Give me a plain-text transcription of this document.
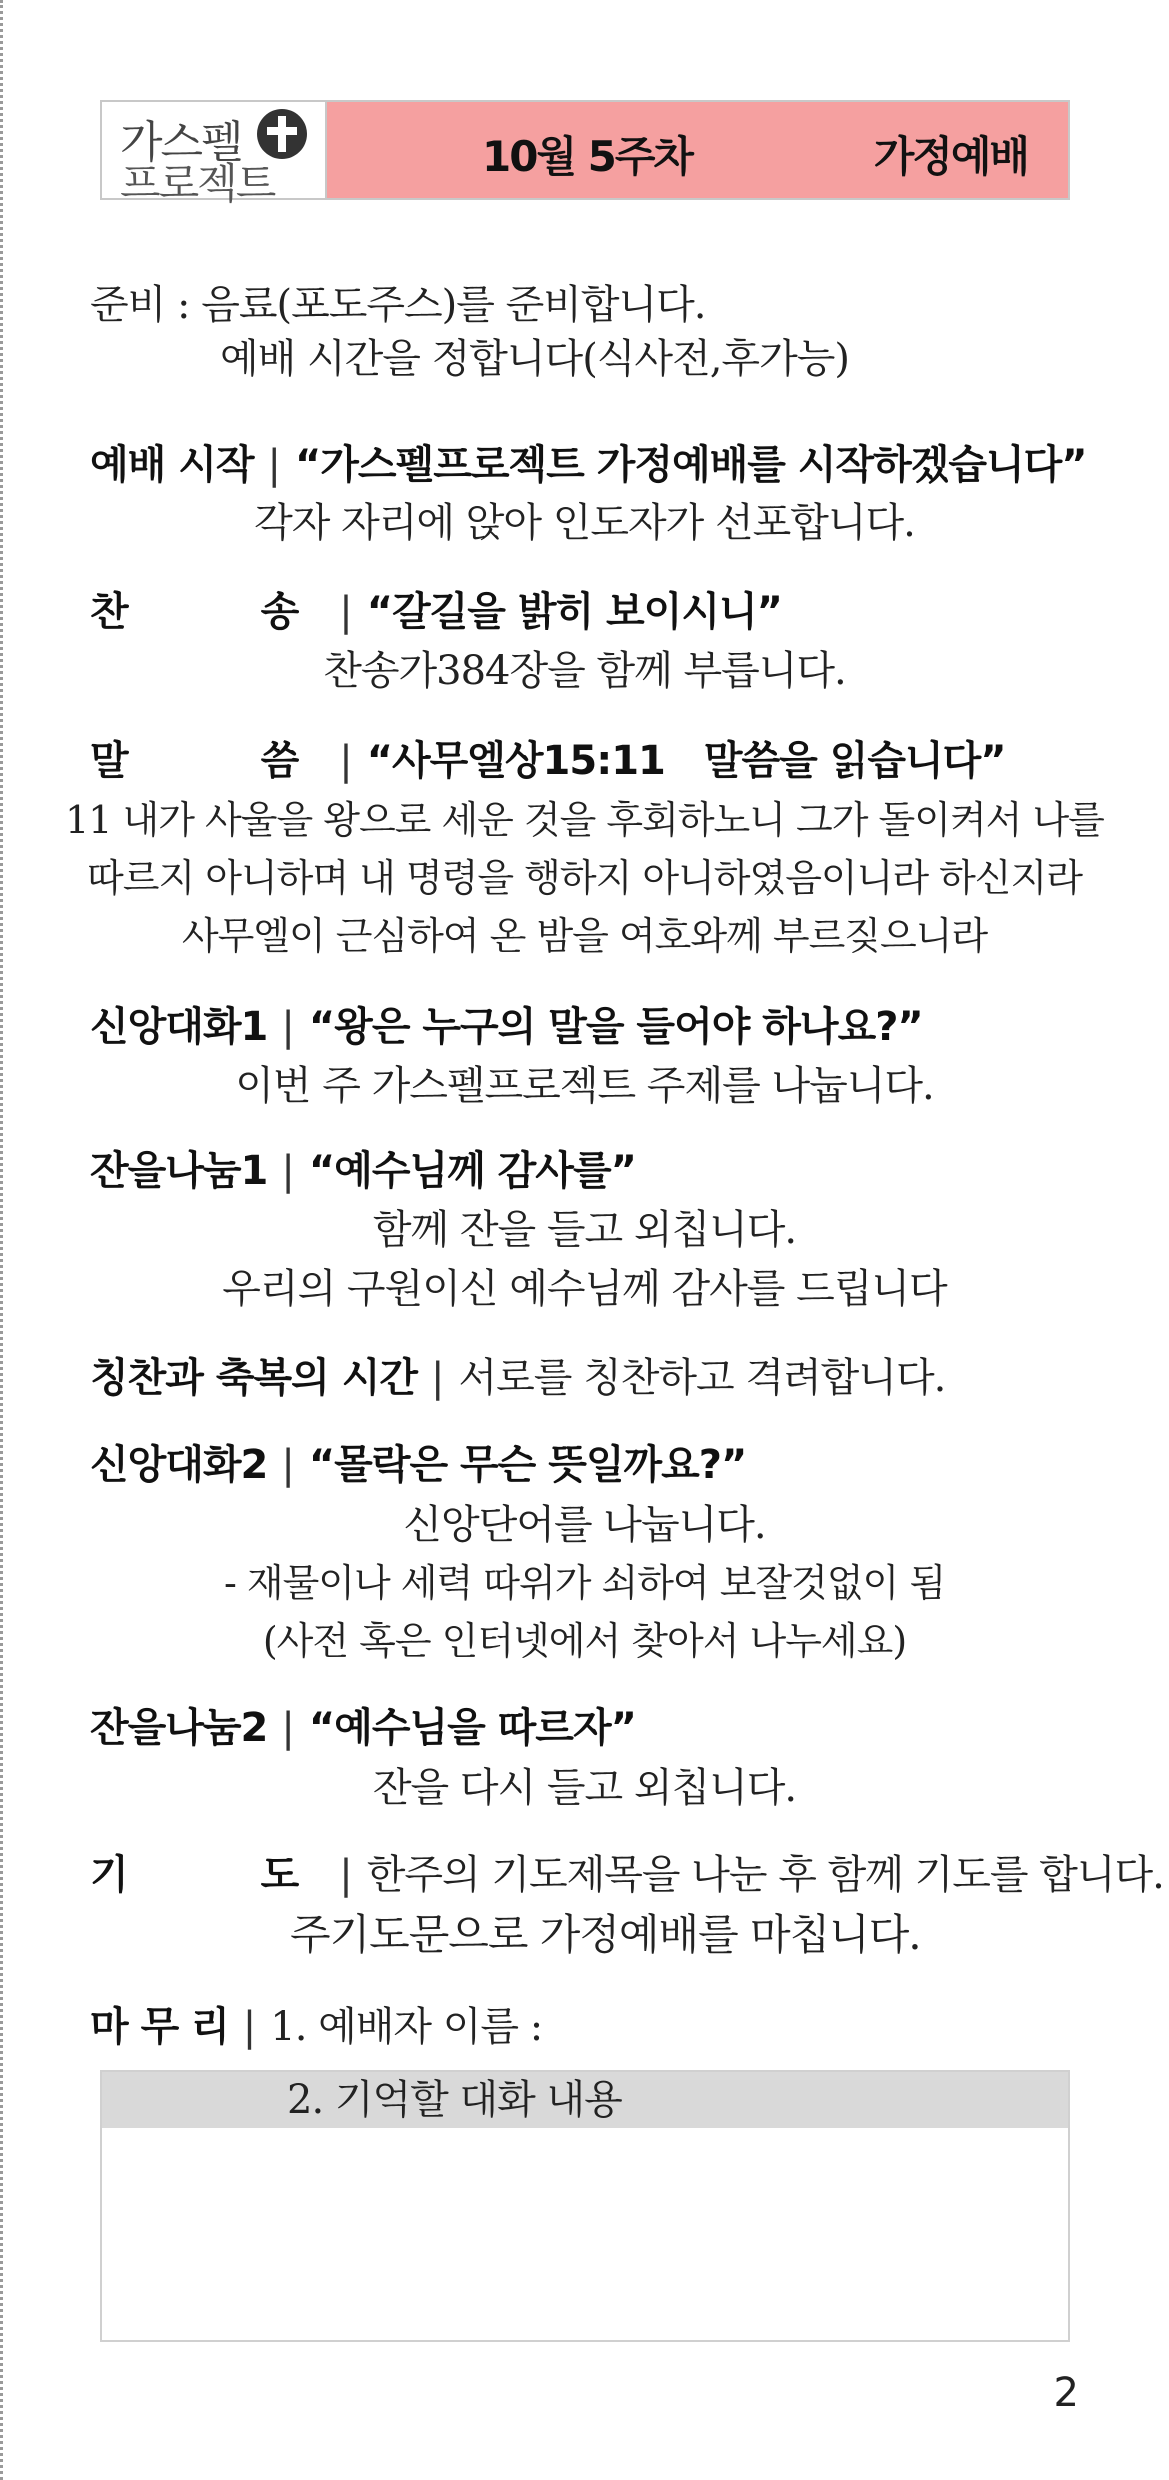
가스펠
프로젝트
10월 5주차	가정예배
준비 : 음료(포도주스)를 준비합니다.
예배 시간을 정합니다(식사전,후가능)
예배 시작 | “가스펠프로젝트 가정예배를 시작하겠습니다”
각자 자리에 앉아 인도자가 선포합니다.
찬　 송 | “갈길을 밝히 보이시니”
찬송가384장을 함께 부릅니다.
말　 씀 | “사무엘상15:11　말씀을 읽습니다”
11 내가 사울을 왕으로 세운 것을 후회하노니 그가 돌이켜서 나를
따르지 아니하며 내 명령을 행하지 아니하였음이니라 하신지라
사무엘이 근심하여 온 밤을 여호와께 부르짖으니라
신앙대화1 | “왕은 누구의 말을 들어야 하나요?”
이번 주 가스펠프로젝트 주제를 나눕니다.
잔을나눔1 | “예수님께 감사를”
함께 잔을 들고 외칩니다.
우리의 구원이신 예수님께 감사를 드립니다
칭찬과 축복의 시간 | 서로를 칭찬하고 격려합니다.
신앙대화2 | “몰락은 무슨 뜻일까요?”
신앙단어를 나눕니다.
- 재물이나 세력 따위가 쇠하여 보잘것없이 됨
(사전 혹은 인터넷에서 찾아서 나누세요)
잔을나눔2 | “예수님을 따르자”
잔을 다시 들고 외칩니다.
기　 도 | 한주의 기도제목을 나눈 후 함께 기도를 합니다.
주기도문으로 가정예배를 마칩니다.
마 무 리 | 1. 예배자 이름 :
2. 기억할 대화 내용
2
